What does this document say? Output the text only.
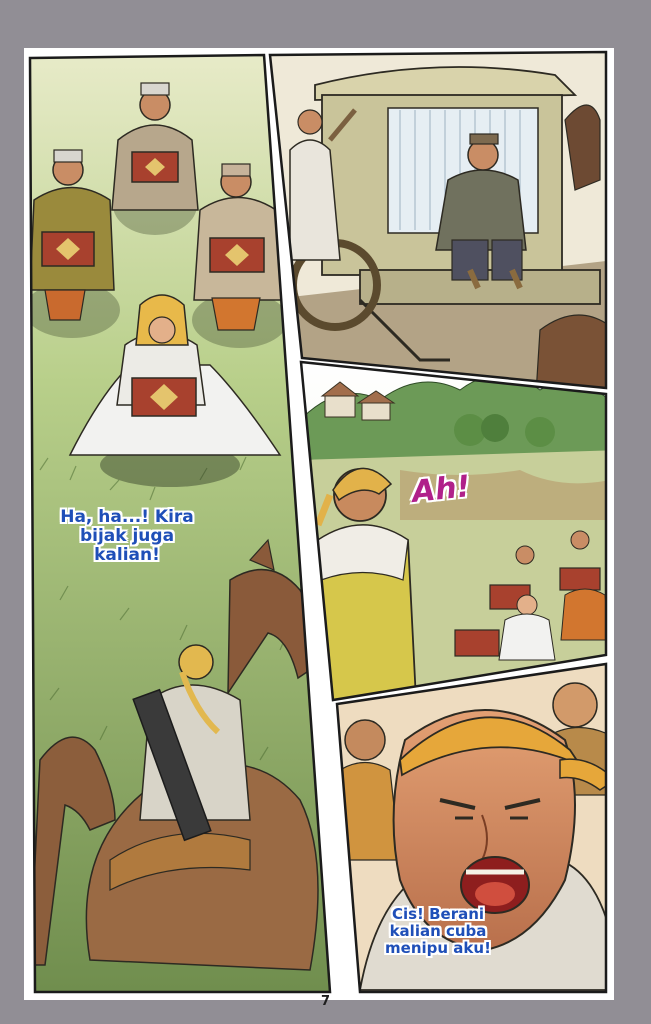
Ha, ha...! Kira bijak juga kalian!
Ah!
Cis! Berani kalian cuba menipu aku!
7
